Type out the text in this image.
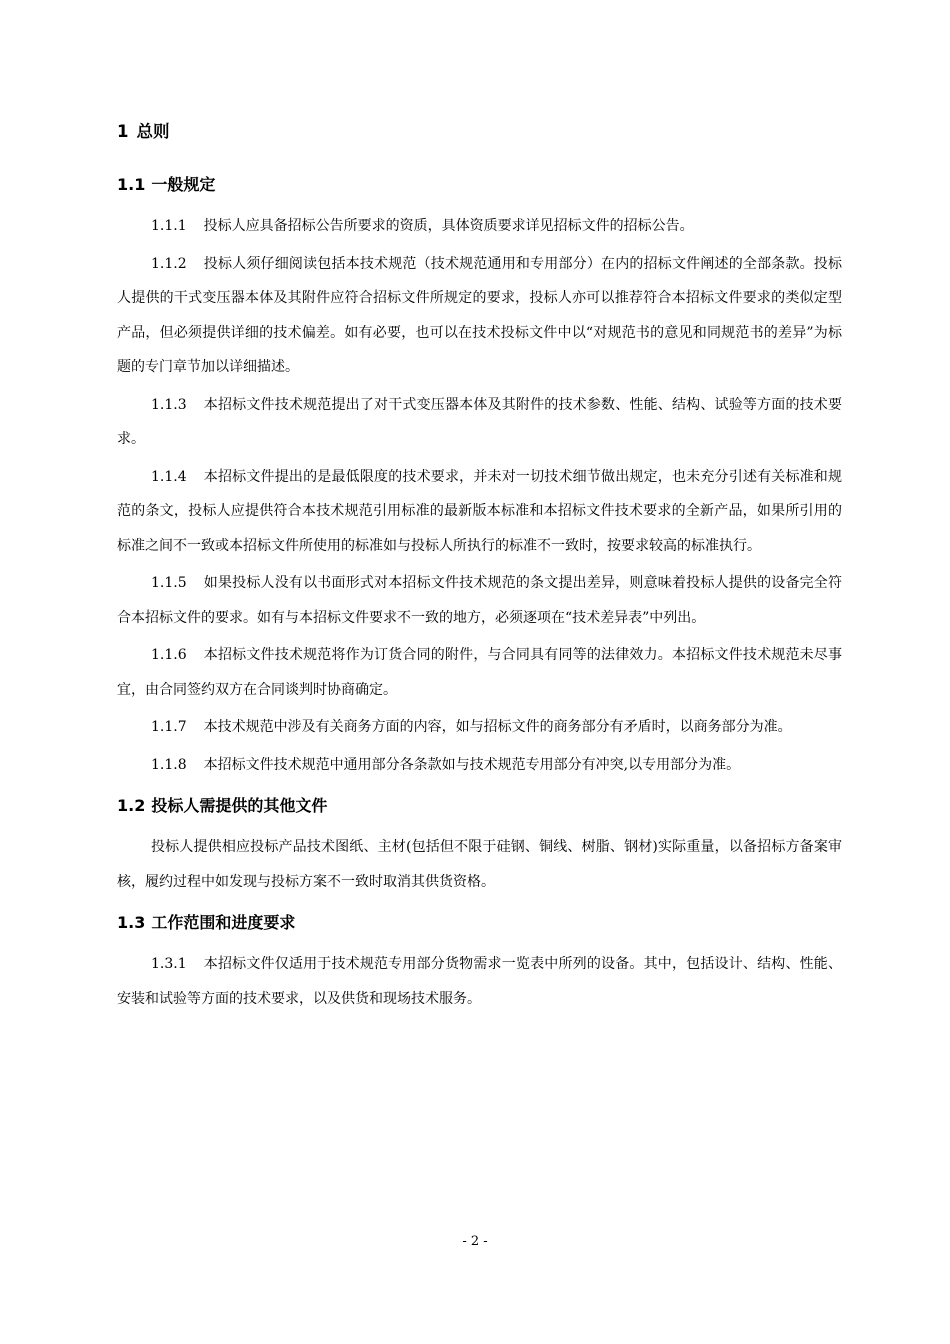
1 总则
1.1 一般规定
1.1.1 投标人应具备招标公告所要求的资质，具体资质要求详见招标文件的招标公告。
1.1.2 投标人须仔细阅读包括本技术规范（技术规范通用和专用部分）在内的招标文件阐述的全部条款。投标人提供的干式变压器本体及其附件应符合招标文件所规定的要求，投标人亦可以推荐符合本招标文件要求的类似定型产品，但必须提供详细的技术偏差。如有必要，也可以在技术投标文件中以“对规范书的意见和同规范书的差异”为标题的专门章节加以详细描述。
1.1.3 本招标文件技术规范提出了对干式变压器本体及其附件的技术参数、性能、结构、试验等方面的技术要求。
1.1.4 本招标文件提出的是最低限度的技术要求，并未对一切技术细节做出规定，也未充分引述有关标准和规范的条文，投标人应提供符合本技术规范引用标准的最新版本标准和本招标文件技术要求的全新产品，如果所引用的标准之间不一致或本招标文件所使用的标准如与投标人所执行的标准不一致时，按要求较高的标准执行。
1.1.5 如果投标人没有以书面形式对本招标文件技术规范的条文提出差异，则意味着投标人提供的设备完全符合本招标文件的要求。如有与本招标文件要求不一致的地方，必须逐项在“技术差异表”中列出。
1.1.6 本招标文件技术规范将作为订货合同的附件，与合同具有同等的法律效力。本招标文件技术规范未尽事宜，由合同签约双方在合同谈判时协商确定。
1.1.7 本技术规范中涉及有关商务方面的内容，如与招标文件的商务部分有矛盾时，以商务部分为准。
1.1.8 本招标文件技术规范中通用部分各条款如与技术规范专用部分有冲突,以专用部分为准。
1.2 投标人需提供的其他文件
投标人提供相应投标产品技术图纸、主材(包括但不限于硅钢、铜线、树脂、钢材)实际重量，以备招标方备案审核，履约过程中如发现与投标方案不一致时取消其供货资格。
1.3 工作范围和进度要求
1.3.1 本招标文件仅适用于技术规范专用部分货物需求一览表中所列的设备。其中，包括设计、结构、性能、安装和试验等方面的技术要求，以及供货和现场技术服务。
- 2 -
